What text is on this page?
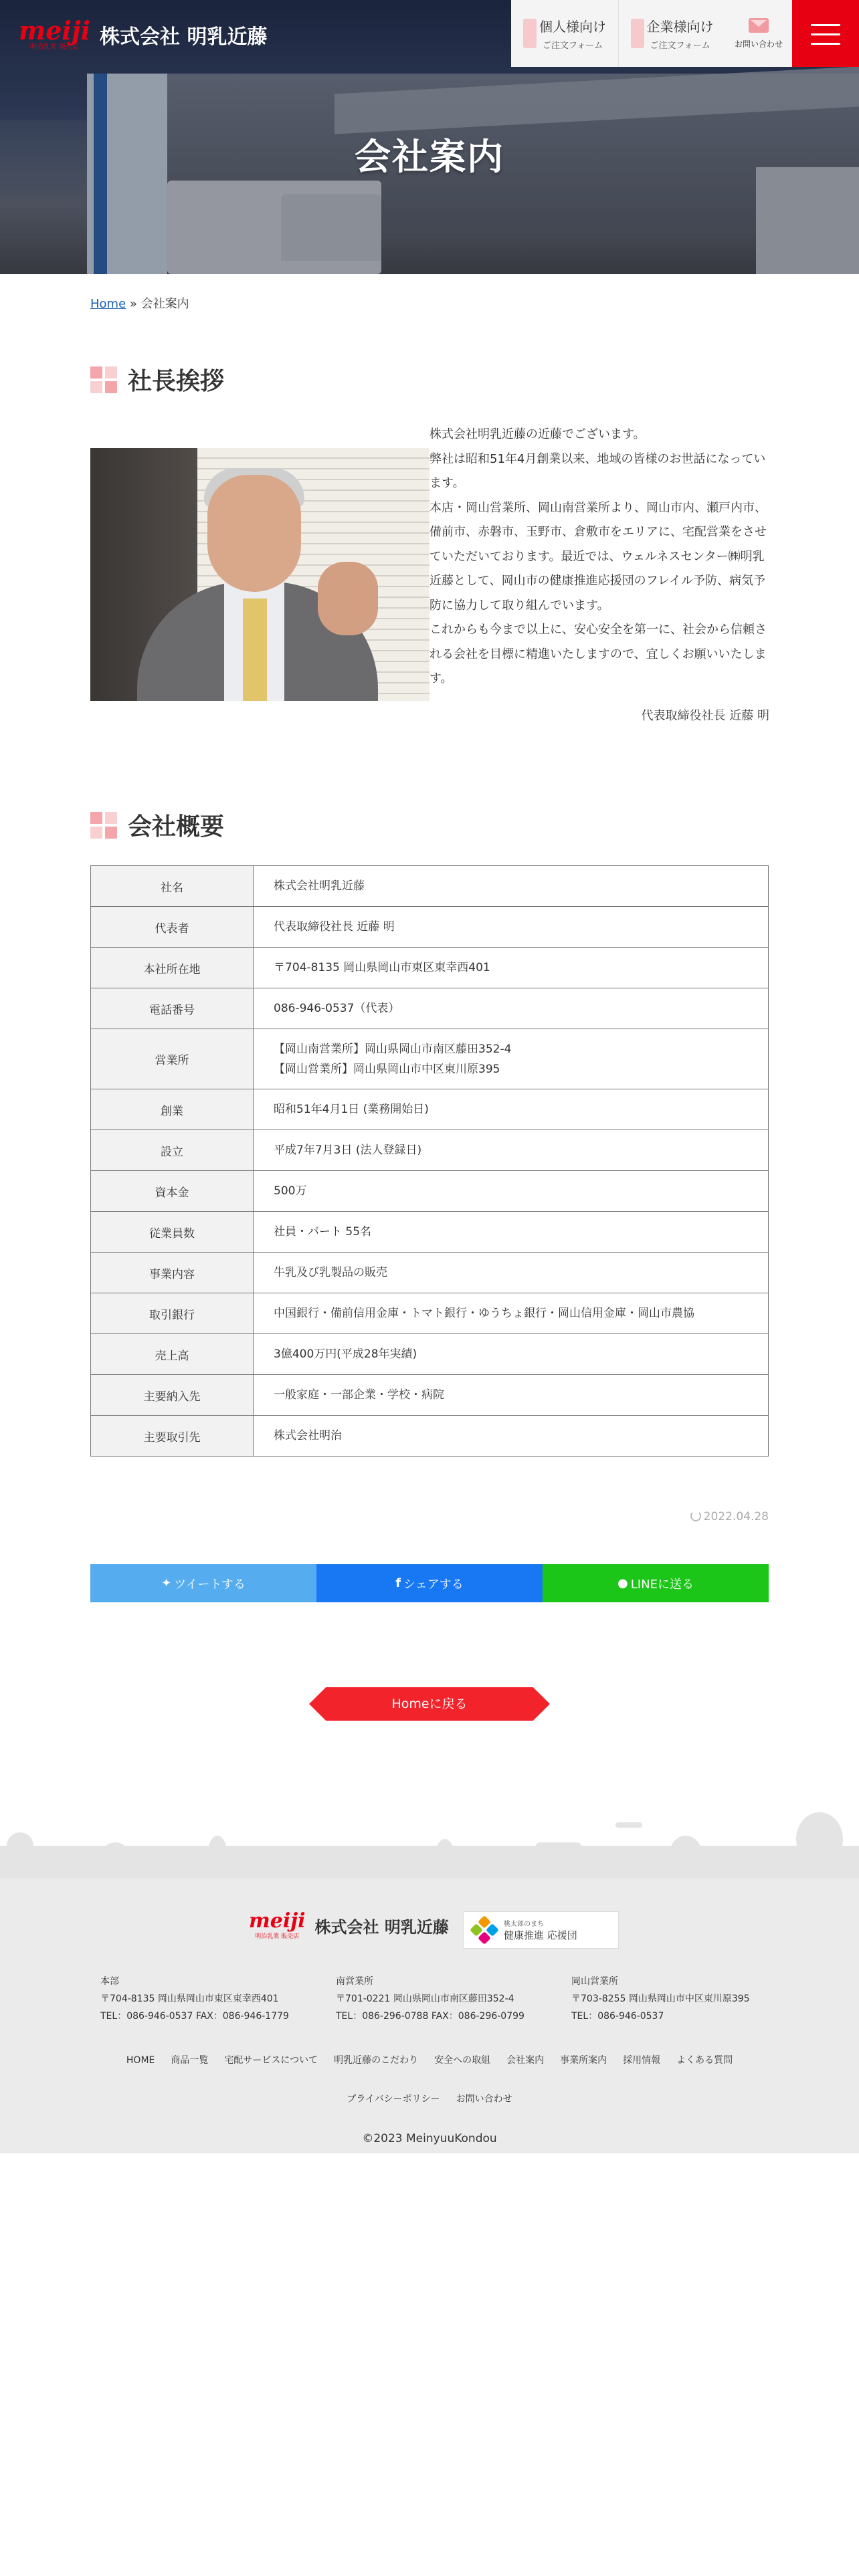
会社案内
meiji
明治乳業 販売店 株式会社 明乳近藤	個人様向け
ご注文フォーム
企業様向け
ご注文フォーム	お問い合わせ
Home » 会社案内
社長挨拶

株式会社明乳近藤の近藤でございます。

弊社は昭和51年4月創業以来、地域の皆様のお世話になっています。

本店・岡山営業所、岡山南営業所より、岡山市内、瀬戸内市、備前市、赤磐市、玉野市、倉敷市をエリアに、宅配営業をさせていただいております。最近では、ウェルネスセンター㈱明乳近藤として、岡山市の健康推進応援団のフレイル予防、病気予防に協力して取り組んでいます。

これからも今まで以上に、安心安全を第一に、社会から信頼される会社を目標に精進いたしますので、宜しくお願いいたします。

代表取締役社長 近藤 明
会社概要
社名	株式会社明乳近藤

代表者	代表取締役社長 近藤 明

本社所在地	〒704-8135 岡山県岡山市東区東幸西401

電話番号	086-946-0537（代表）

営業所	【岡山南営業所】岡山県岡山市南区藤田352-4
【岡山営業所】岡山県岡山市中区東川原395

創業	昭和51年4月1日 (業務開始日)

設立	平成7年7月3日 (法人登録日)

資本金	500万

従業員数	社員・パート 55名

事業内容	牛乳及び乳製品の販売

取引銀行	中国銀行・備前信用金庫・トマト銀行・ゆうちょ銀行・岡山信用金庫・岡山市農協

売上高	3億400万円(平成28年実績)

主要納入先	一般家庭・一部企業・学校・病院

主要取引先	株式会社明治
2022.04.28
✦ ツイートする	f シェアする	● LINEに送る
Homeに戻る
meiji
明治乳業 販売店 株式会社 明乳近藤	桃太郎のまち
健康推進 応援団
本部
〒704-8135 岡山県岡山市東区東幸西401
TEL：086-946-0537 FAX：086-946-1779
南営業所
〒701-0221 岡山県岡山市南区藤田352-4
TEL：086-296-0788 FAX：086-296-0799
岡山営業所
〒703-8255 岡山県岡山市中区東川原395
TEL：086-946-0537
HOME 商品一覧 宅配サービスについて 明乳近藤のこだわり 安全への取組 会社案内 事業所案内 採用情報 よくある質問
プライバシーポリシー お問い合わせ
©2023 MeinyuuKondou
